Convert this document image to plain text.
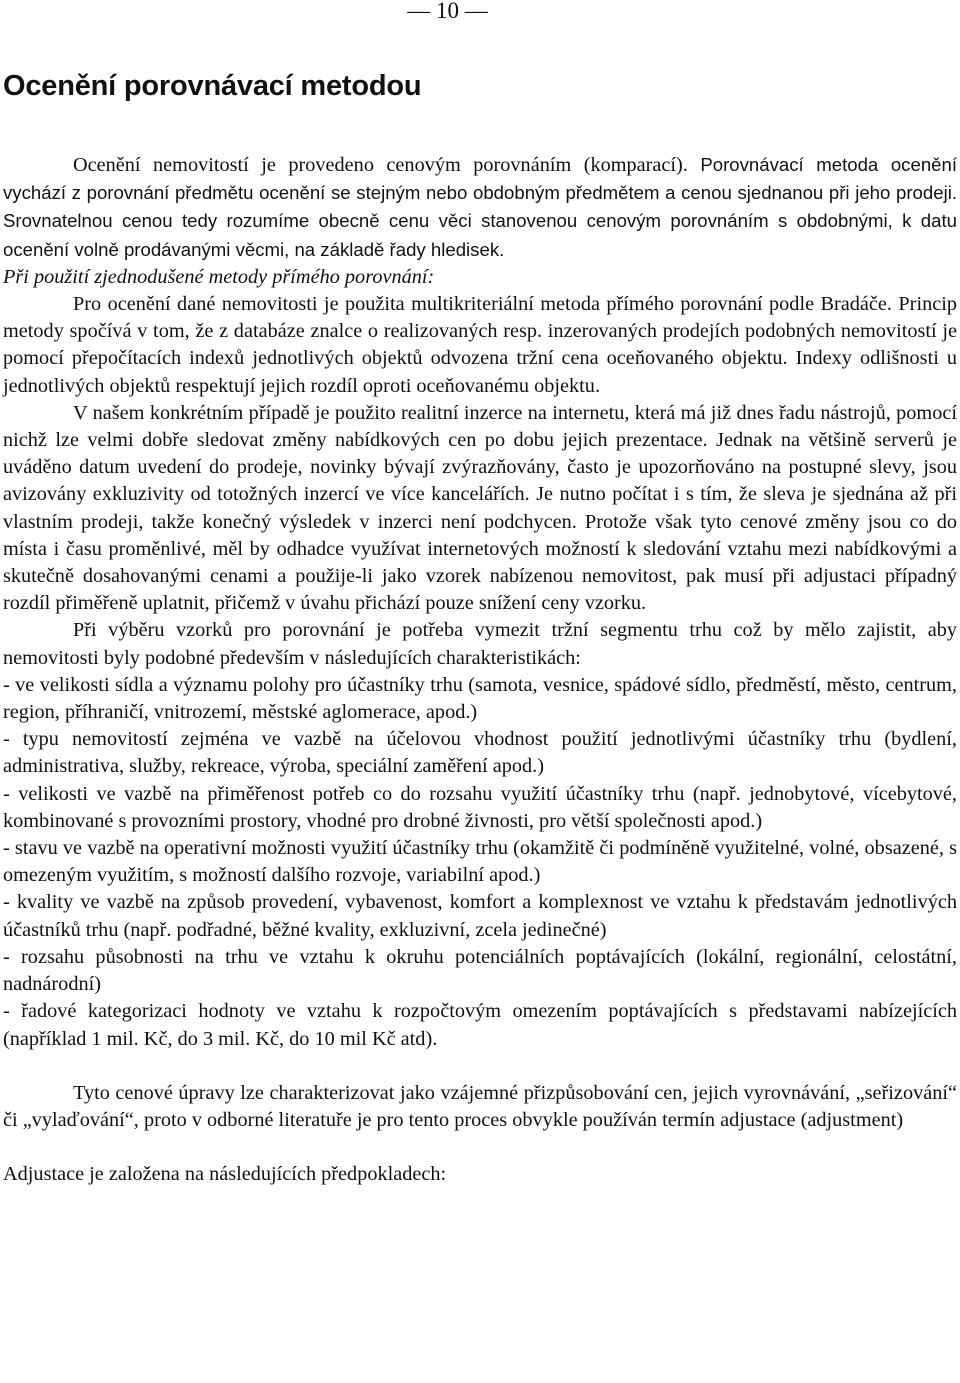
— 10 —
Ocenění porovnávací metodou

Ocenění nemovitostí je provedeno cenovým porovnáním (komparací). Porovnávací metoda ocenění vychází z porovnání předmětu ocenění se stejným nebo obdobným předmětem a cenou sjednanou při jeho prodeji. Srovnatelnou cenou tedy rozumíme obecně cenu věci stanovenou cenovým porovnáním s obdobnými, k datu ocenění volně prodávanými věcmi, na základě řady hledisek.

Při použití zjednodušené metody přímého porovnání:

Pro ocenění dané nemovitosti je použita multikriteriální metoda přímého porovnání podle Bradáče. Princip metody spočívá v tom, že z databáze znalce o realizovaných resp. inzerovaných prodejích podobných nemovitostí je pomocí přepočítacích indexů jednotlivých objektů odvozena tržní cena oceňovaného objektu. Indexy odlišnosti u jednotlivých objektů respektují jejich rozdíl oproti oceňovanému objektu.

V našem konkrétním případě je použito realitní inzerce na internetu, která má již dnes řadu nástrojů, pomocí nichž lze velmi dobře sledovat změny nabídkových cen po dobu jejich prezentace. Jednak na většině serverů je uváděno datum uvedení do prodeje, novinky bývají zvýrazňovány, často je upozorňováno na postupné slevy, jsou avizovány exkluzivity od totožných inzercí ve více kancelářích. Je nutno počítat i s tím, že sleva je sjednána až při vlastním prodeji, takže konečný výsledek v inzerci není podchycen. Protože však tyto cenové změny jsou co do místa i času proměnlivé, měl by odhadce využívat internetových možností k sledování vztahu mezi nabídkovými a skutečně dosahovanými cenami a použije-li jako vzorek nabízenou nemovitost, pak musí při adjustaci případný rozdíl přiměřeně uplatnit, přičemž v úvahu přichází pouze snížení ceny vzorku.

Při výběru vzorků pro porovnání je potřeba vymezit tržní segmentu trhu což by mělo zajistit, aby nemovitosti byly podobné především v následujících charakteristikách:

- ve velikosti sídla a významu polohy pro účastníky trhu (samota, vesnice, spádové sídlo, předměstí, město, centrum, region, příhraničí, vnitrozemí, městské aglomerace, apod.)

- typu nemovitostí zejména ve vazbě na účelovou vhodnost použití jednotlivými účastníky trhu (bydlení, administrativa, služby, rekreace, výroba, speciální zaměření apod.)

- velikosti ve vazbě na přiměřenost potřeb co do rozsahu využití účastníky trhu (např. jednobytové, vícebytové, kombinované s provozními prostory, vhodné pro drobné živnosti, pro větší společnosti apod.)

- stavu ve vazbě na operativní možnosti využití účastníky trhu (okamžitě či podmíněně využitelné, volné, obsazené, s omezeným využitím, s možností dalšího rozvoje, variabilní apod.)

- kvality ve vazbě na způsob provedení, vybavenost, komfort a komplexnost ve vztahu k představám jednotlivých účastníků trhu (např. podřadné, běžné kvality, exkluzivní, zcela jedinečné)

- rozsahu působnosti na trhu ve vztahu k okruhu potenciálních poptávajících (lokální, regionální, celostátní, nadnárodní)

- řadové kategorizaci hodnoty ve vztahu k rozpočtovým omezením poptávajících s představami nabízejících (například 1 mil. Kč, do 3 mil. Kč, do 10 mil Kč atd).

Tyto cenové úpravy lze charakterizovat jako vzájemné přizpůsobování cen, jejich vyrovnávání, „seřizování“ či „vylaďování“, proto v odborné literatuře je pro tento proces obvykle používán termín adjustace (adjustment)

Adjustace je založena na následujících předpokladech:
